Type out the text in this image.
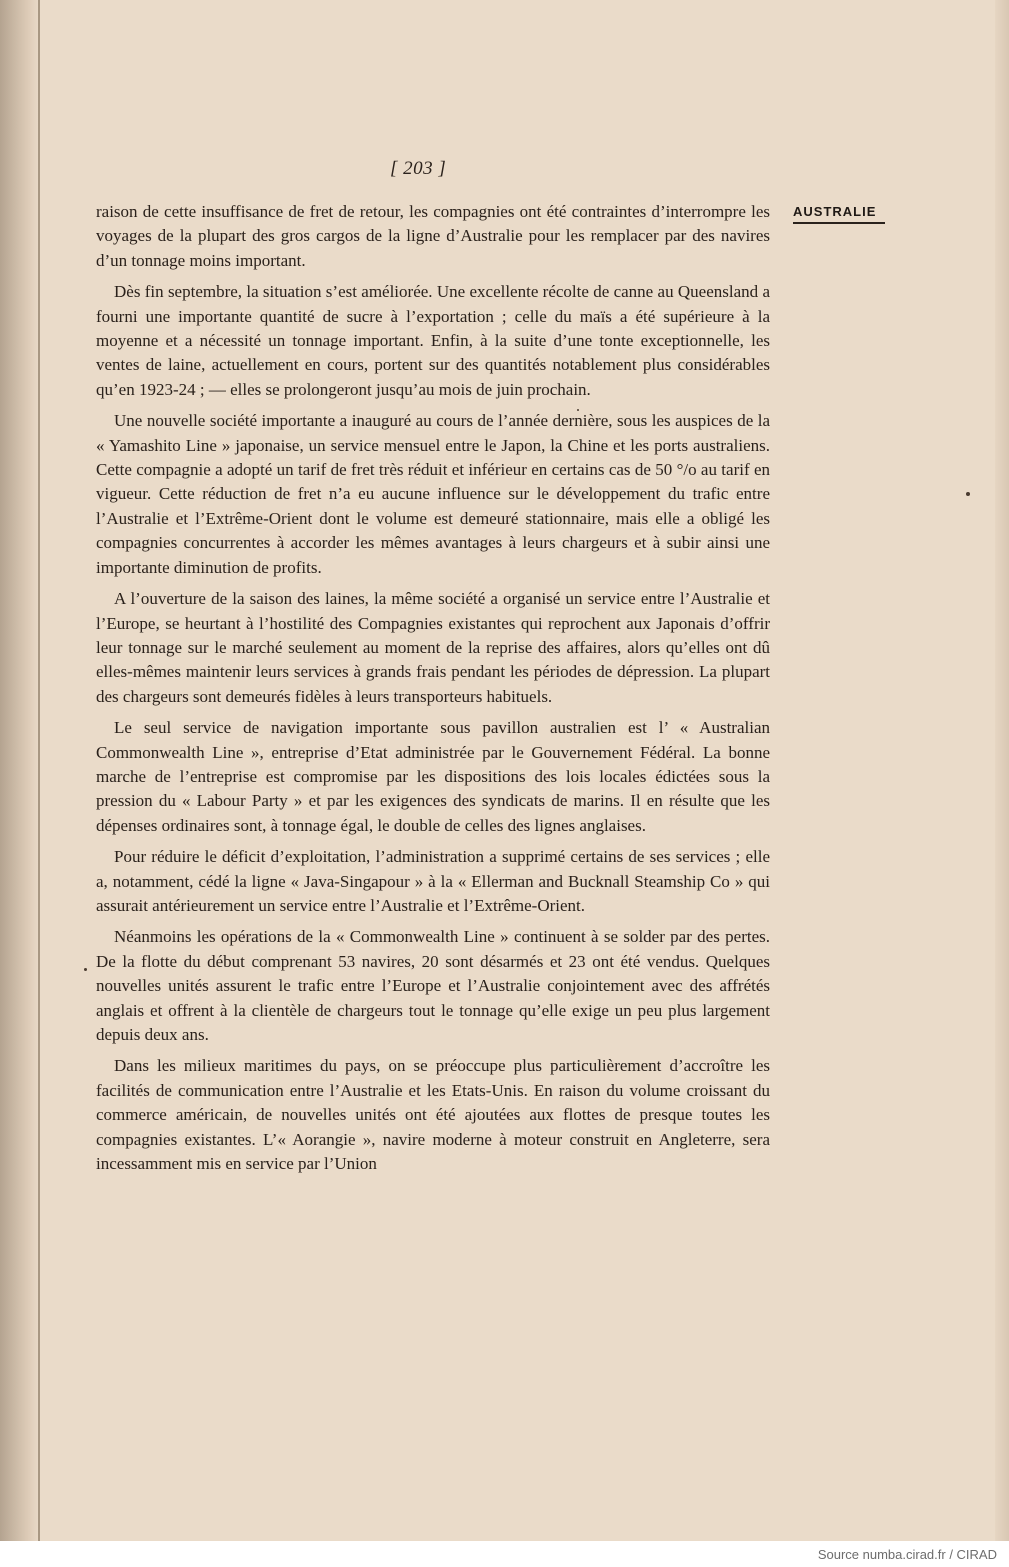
[ 203 ]
AUSTRALIE

raison de cette insuffisance de fret de retour, les compagnies ont été contraintes d’interrompre les voyages de la plupart des gros cargos de la ligne d’Australie pour les remplacer par des navires d’un tonnage moins important.

Dès fin septembre, la situation s’est améliorée. Une excellente récolte de canne au Queensland a fourni une importante quantité de sucre à l’exportation ; celle du maïs a été supérieure à la moyenne et a nécessité un tonnage important. Enfin, à la suite d’une tonte exceptionnelle, les ventes de laine, actuellement en cours, portent sur des quantités notablement plus considérables qu’en 1923-24 ; — elles se prolongeront jusqu’au mois de juin prochain.

Une nouvelle société importante a inauguré au cours de l’année dernière, sous les auspices de la « Yamashito Line » japonaise, un service mensuel entre le Japon, la Chine et les ports australiens. Cette compagnie a adopté un tarif de fret très réduit et inférieur en certains cas de 50 °/o au tarif en vigueur. Cette réduction de fret n’a eu aucune influence sur le développement du trafic entre l’Australie et l’Extrême-Orient dont le volume est demeuré stationnaire, mais elle a obligé les compagnies concurrentes à accorder les mêmes avantages à leurs chargeurs et à subir ainsi une importante diminution de profits.

A l’ouverture de la saison des laines, la même société a organisé un service entre l’Australie et l’Europe, se heurtant à l’hostilité des Compagnies existantes qui reprochent aux Japonais d’offrir leur tonnage sur le marché seulement au moment de la reprise des affaires, alors qu’elles ont dû elles-mêmes maintenir leurs services à grands frais pendant les périodes de dépression. La plupart des chargeurs sont demeurés fidèles à leurs transporteurs habituels.

Le seul service de navigation importante sous pavillon australien est l’ « Australian Commonwealth Line », entreprise d’Etat administrée par le Gouvernement Fédéral. La bonne marche de l’entreprise est compromise par les dispositions des lois locales édictées sous la pression du « Labour Party » et par les exigences des syndicats de marins. Il en résulte que les dépenses ordinaires sont, à tonnage égal, le double de celles des lignes anglaises.

Pour réduire le déficit d’exploitation, l’administration a supprimé certains de ses services ; elle a, notamment, cédé la ligne « Java-Singapour » à la « Ellerman and Bucknall Steamship Co » qui assurait antérieurement un service entre l’Australie et l’Extrême-Orient.

Néanmoins les opérations de la « Commonwealth Line » continuent à se solder par des pertes. De la flotte du début comprenant 53 navires, 20 sont désarmés et 23 ont été vendus. Quelques nouvelles unités assurent le trafic entre l’Europe et l’Australie conjointement avec des affrétés anglais et offrent à la clientèle de chargeurs tout le tonnage qu’elle exige un peu plus largement depuis deux ans.

Dans les milieux maritimes du pays, on se préoccupe plus particulièrement d’accroître les facilités de communication entre l’Australie et les Etats-Unis. En raison du volume croissant du commerce américain, de nouvelles unités ont été ajoutées aux flottes de presque toutes les compagnies existantes. L’« Aorangie », navire moderne à moteur construit en Angleterre, sera incessamment mis en service par l’Union

Source numba.cirad.fr / CIRAD
